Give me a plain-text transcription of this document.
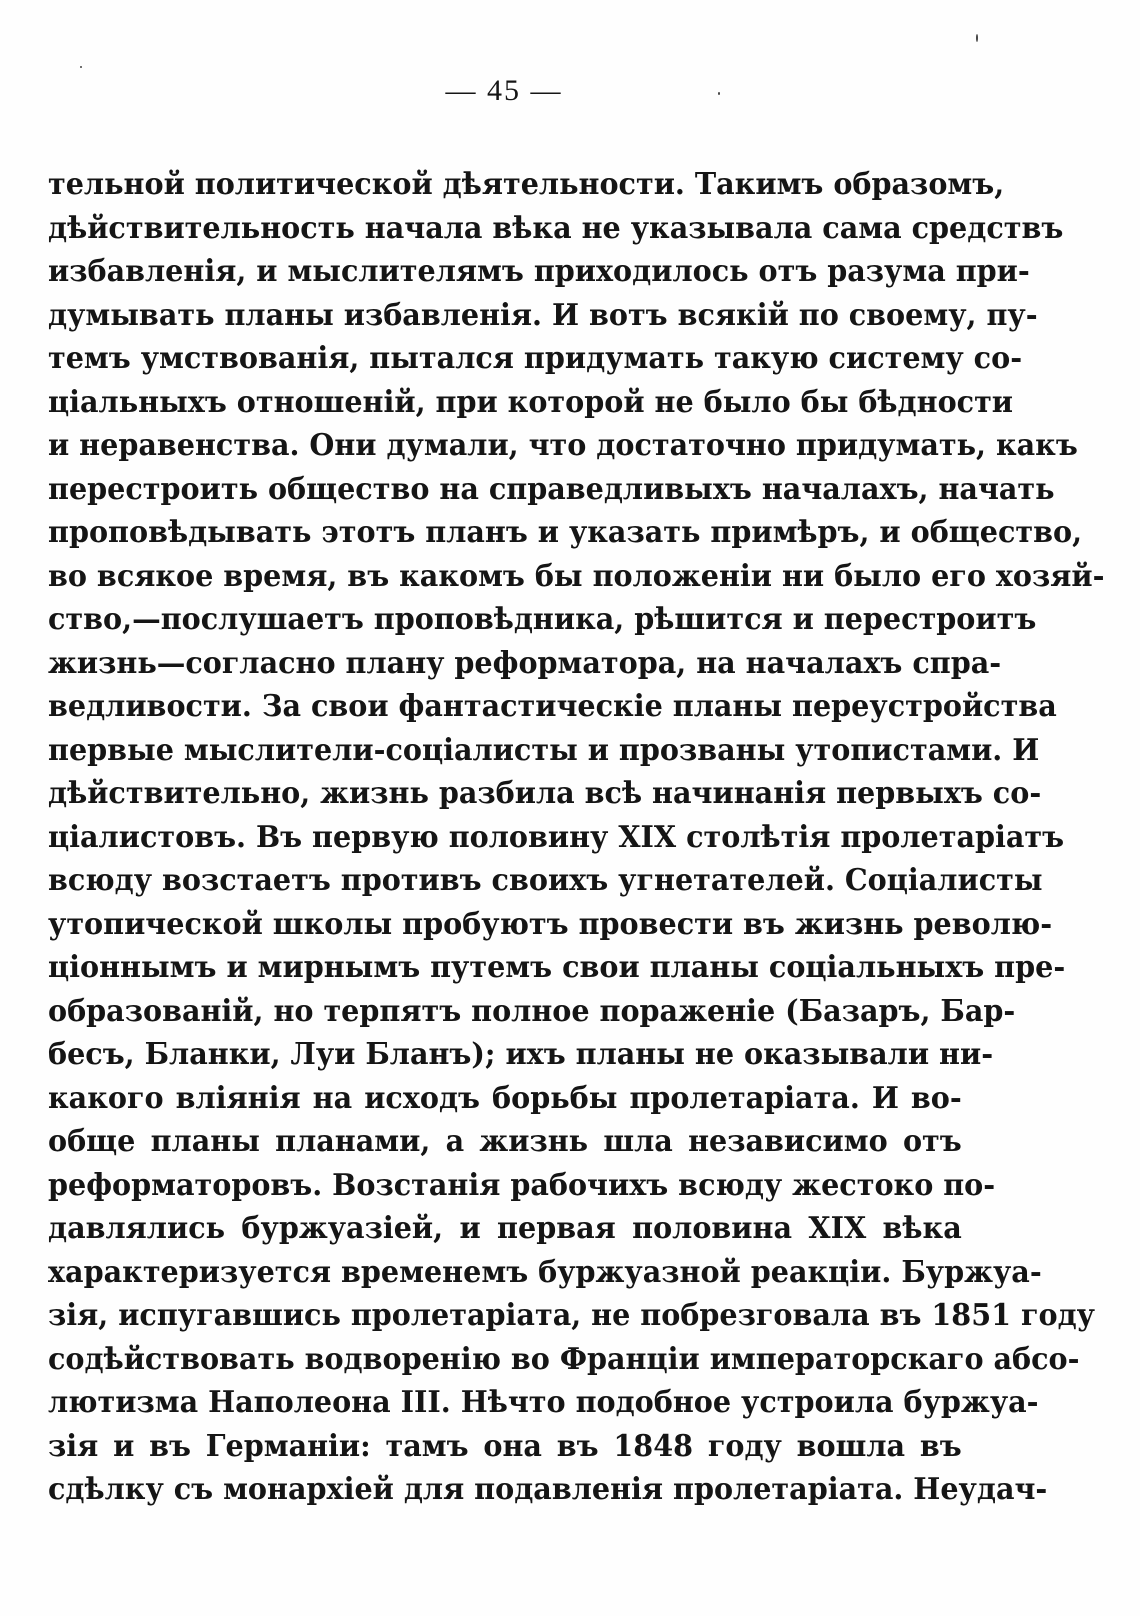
— 45 —
тельной политической дѣятельности. Такимъ образомъ,
дѣйствительность начала вѣка не указывала сама средствъ
избавленія, и мыслителямъ приходилось отъ разума при-
думывать планы избавленія. И вотъ всякій по своему, пу-
темъ умствованія, пытался придумать такую систему со-
ціальныхъ отношеній, при которой не было бы бѣдности
и неравенства. Они думали, что достаточно придумать, какъ
перестроить общество на справедливыхъ началахъ, начать
проповѣдывать этотъ планъ и указать примѣръ, и общество,
во всякое время, въ какомъ бы положеніи ни было его хозяй-
ство,—послушаетъ проповѣдника, рѣшится и перестроитъ
жизнь—согласно плану реформатора, на началахъ спра-
ведливости. За свои фантастическіе планы переустройства
первые мыслители-соціалисты и прозваны утопистами. И
дѣйствительно, жизнь разбила всѣ начинанія первыхъ со-
ціалистовъ. Въ первую половину XIX столѣтія пролетаріатъ
всюду возстаетъ противъ своихъ угнетателей. Соціалисты
утопической школы пробуютъ провести въ жизнь револю-
ціоннымъ и мирнымъ путемъ свои планы соціальныхъ пре-
образованій, но терпятъ полное пораженіе (Базаръ, Бар-
бесъ, Бланки, Луи Бланъ); ихъ планы не оказывали ни-
какого вліянія на исходъ борьбы пролетаріата. И во-
обще планы планами, а жизнь шла независимо отъ
реформаторовъ. Возстанія рабочихъ всюду жестоко по-
давлялись буржуазіей, и первая половина XIX вѣка
характеризуется временемъ буржуазной реакціи. Буржуа-
зія, испугавшись пролетаріата, не побрезговала въ 1851 году
содѣйствовать водворенію во Франціи императорскаго абсо-
лютизма Наполеона III. Нѣчто подобное устроила буржуа-
зія и въ Германіи: тамъ она въ 1848 году вошла въ
сдѣлку съ монархіей для подавленія пролетаріата. Неудач-
